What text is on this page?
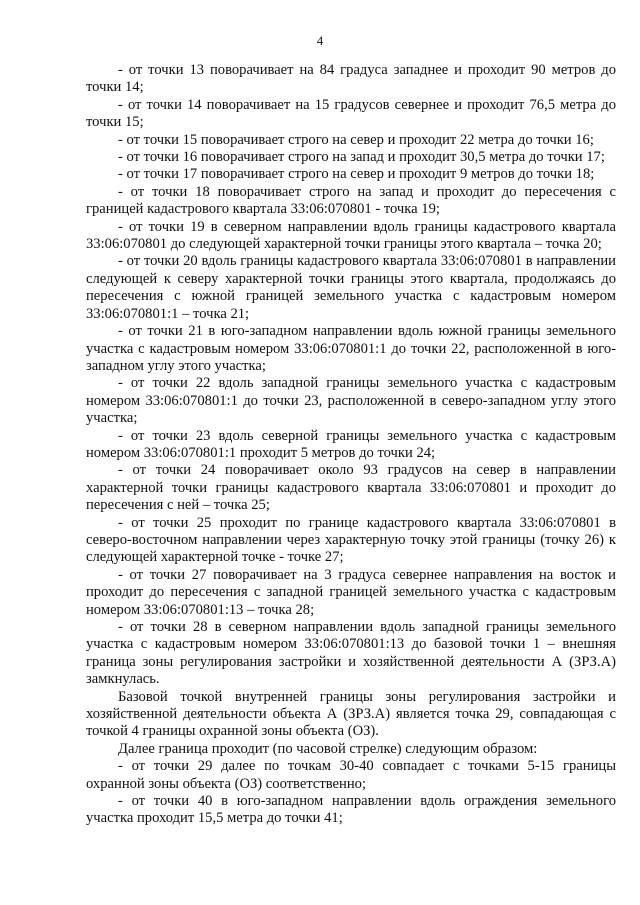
4

- от точки 13 поворачивает на 84 градуса западнее и проходит 90 метров до точки 14;

- от точки 14 поворачивает на 15 градусов севернее и проходит 76,5 метра до точки 15;

- от точки 15 поворачивает строго на север и проходит 22 метра до точки 16;

- от точки 16 поворачивает строго на запад и проходит 30,5 метра до точки 17;

- от точки 17 поворачивает строго на север и проходит 9 метров до точки 18;

- от точки 18 поворачивает строго на запад и проходит до пересечения с границей кадастрового квартала 33:06:070801 - точка 19;

- от точки 19 в северном направлении вдоль границы кадастрового квартала 33:06:070801 до следующей характерной точки границы этого квартала – точка 20;

- от точки 20 вдоль границы кадастрового квартала 33:06:070801 в направлении следующей к северу характерной точки границы этого квартала, продолжаясь до пересечения с южной границей земельного участка с кадастровым номером 33:06:070801:1 – точка 21;

- от точки 21 в юго-западном направлении вдоль южной границы земельного участка с кадастровым номером 33:06:070801:1 до точки 22, расположенной в юго-западном углу этого участка;

- от точки 22 вдоль западной границы земельного участка с кадастровым номером 33:06:070801:1 до точки 23, расположенной в северо-западном углу этого участка;

- от точки 23 вдоль северной границы земельного участка с кадастровым номером 33:06:070801:1 проходит 5 метров до точки 24;

- от точки 24 поворачивает около 93 градусов на север в направлении характерной точки границы кадастрового квартала 33:06:070801 и проходит до пересечения с ней – точка 25;

- от точки 25 проходит по границе кадастрового квартала 33:06:070801 в северо-восточном направлении через характерную точку этой границы (точку 26) к следующей характерной точке - точке 27;

- от точки 27 поворачивает на 3 градуса севернее направления на восток и проходит до пересечения с западной границей земельного участка с кадастровым номером 33:06:070801:13 – точка 28;

- от точки 28 в северном направлении вдоль западной границы земельного участка с кадастровым номером 33:06:070801:13 до базовой точки 1 – внешняя граница зоны регулирования застройки и хозяйственной деятельности А (ЗРЗ.А) замкнулась.

Базовой точкой внутренней границы зоны регулирования застройки и хозяйственной деятельности объекта А (ЗРЗ.А) является точка 29, совпадающая с точкой 4 границы охранной зоны объекта (ОЗ).

Далее граница проходит (по часовой стрелке) следующим образом:

- от точки 29 далее по точкам 30-40 совпадает с точками 5-15 границы охранной зоны объекта (ОЗ) соответственно;

- от точки 40 в юго-западном направлении вдоль ограждения земельного участка проходит 15,5 метра до точки 41;
